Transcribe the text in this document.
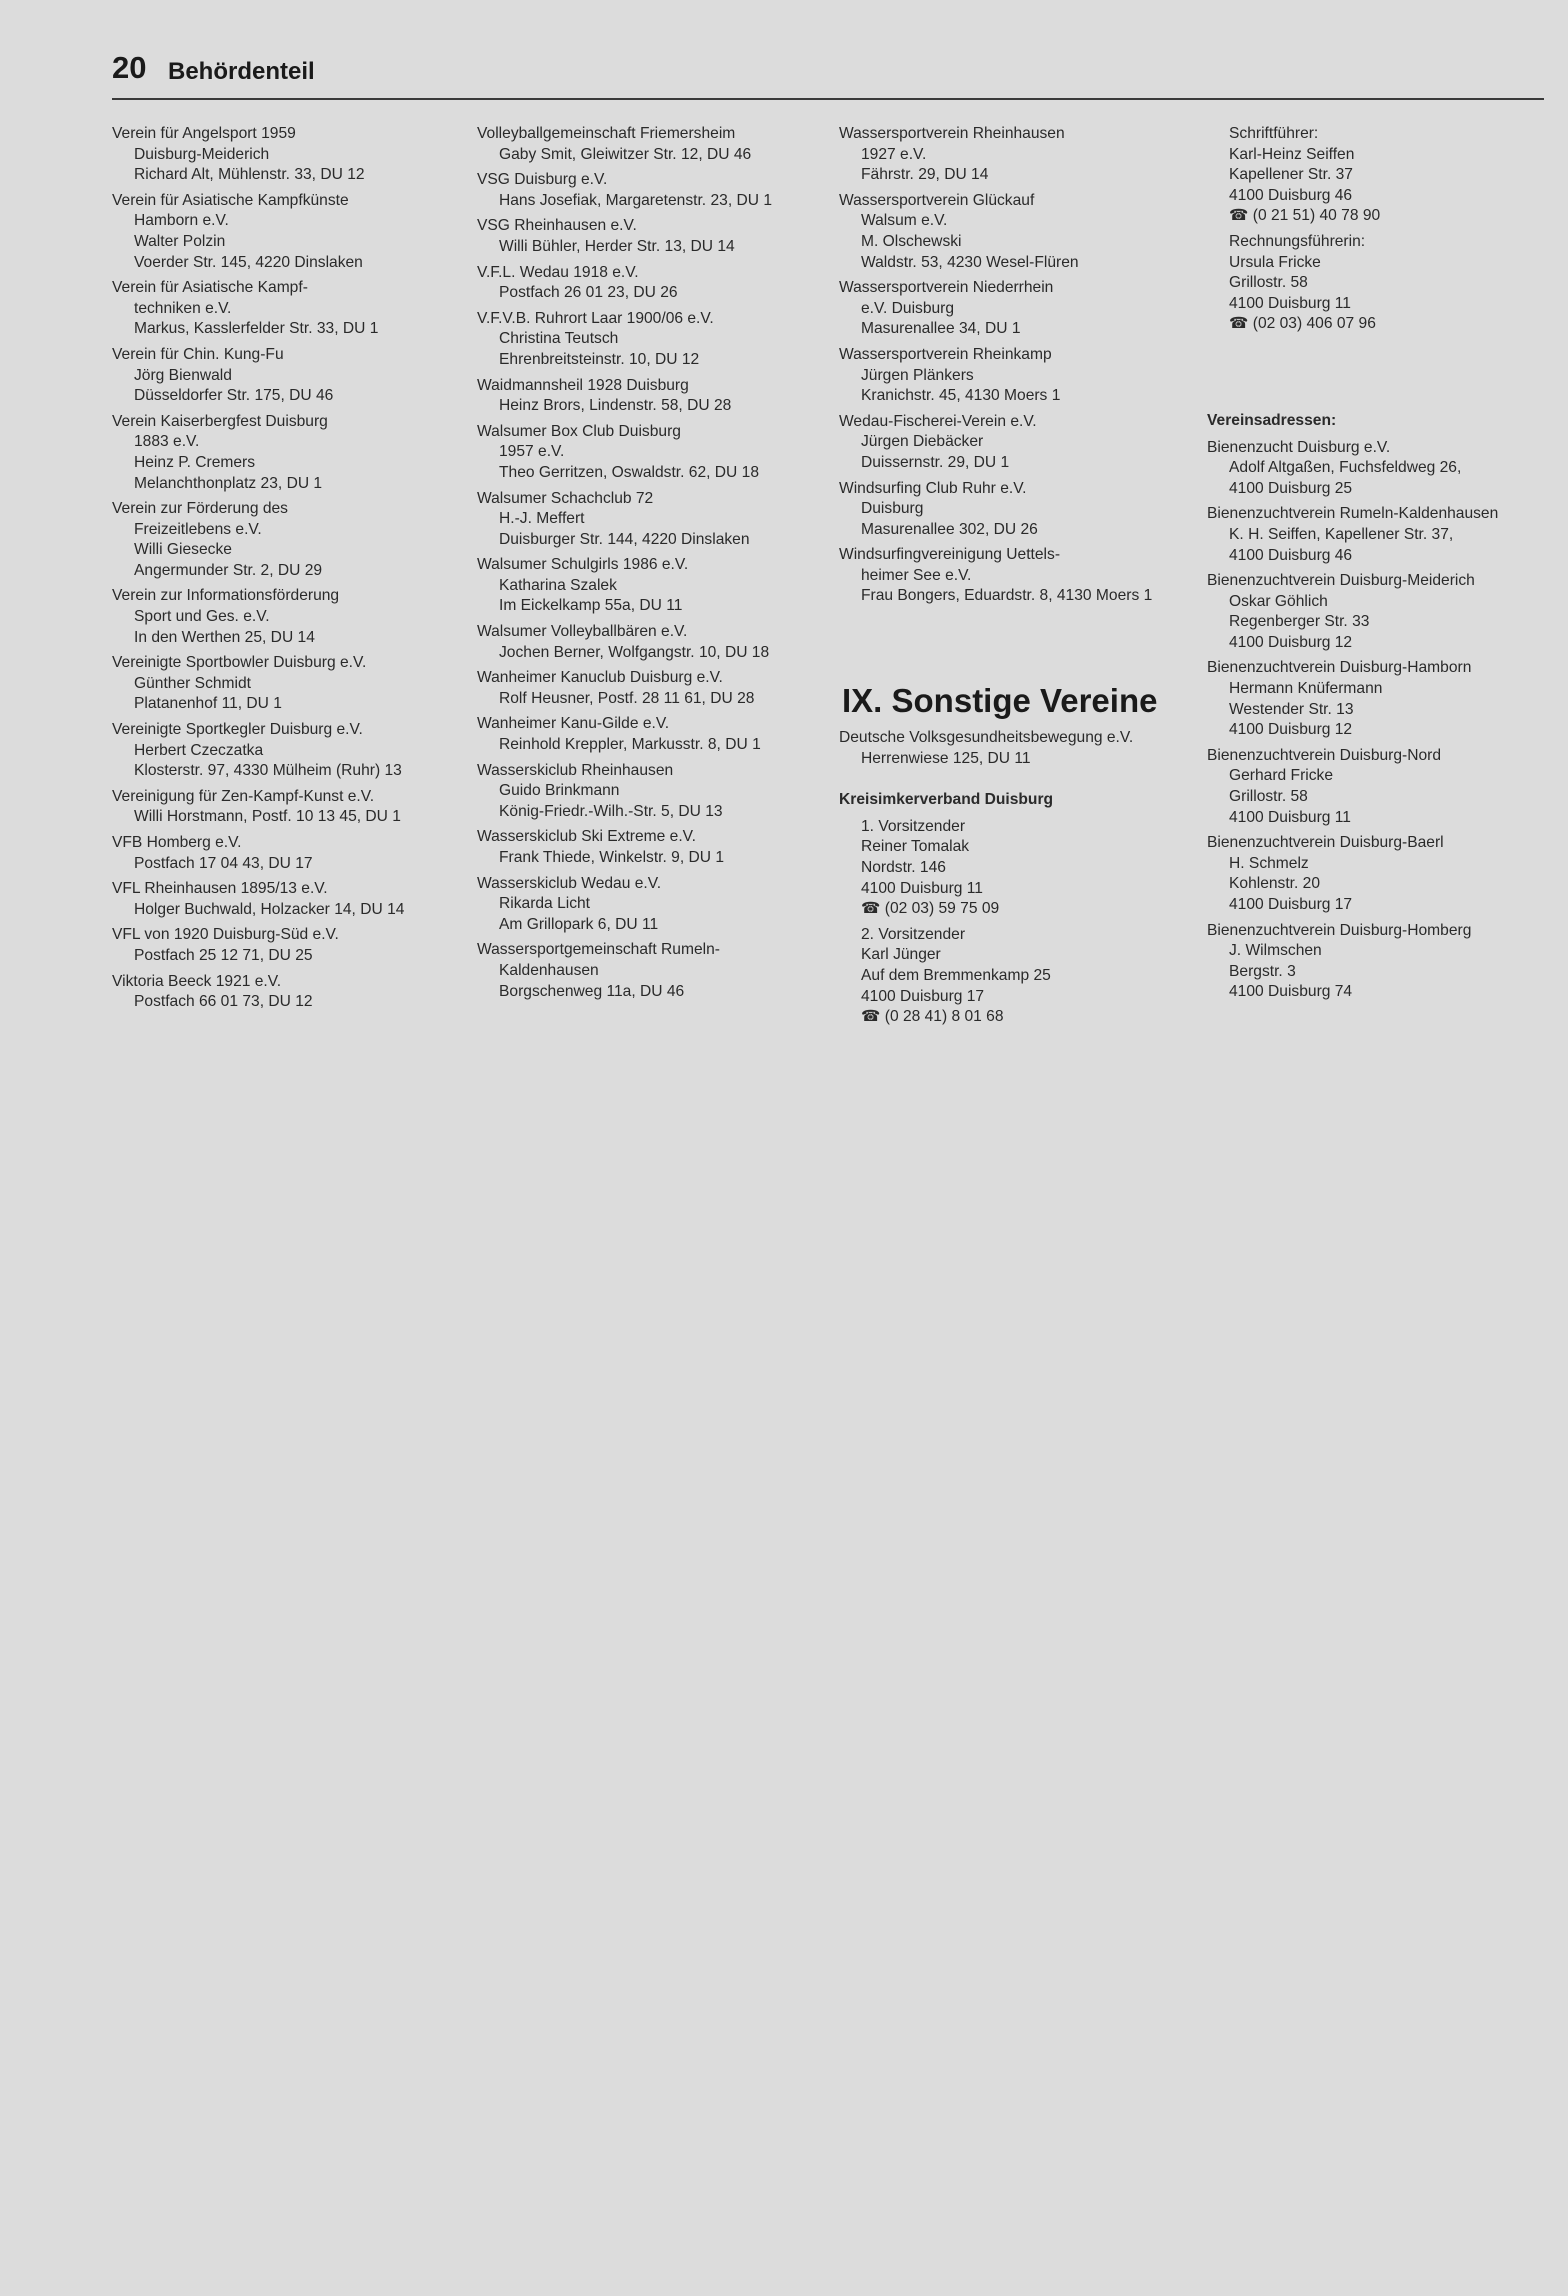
20 Behördenteil
Verein für Angelsport 1959
Duisburg-Meiderich
Richard Alt, Mühlenstr. 33, DU 12
Verein für Asiatische Kampfkünste
Hamborn e.V.
Walter Polzin
Voerder Str. 145, 4220 Dinslaken
Verein für Asiatische Kampf-
techniken e.V.
Markus, Kasslerfelder Str. 33, DU 1
Verein für Chin. Kung-Fu
Jörg Bienwald
Düsseldorfer Str. 175, DU 46
Verein Kaiserbergfest Duisburg
1883 e.V.
Heinz P. Cremers
Melanchthonplatz 23, DU 1
Verein zur Förderung des
Freizeitlebens e.V.
Willi Giesecke
Angermunder Str. 2, DU 29
Verein zur Informationsförderung
Sport und Ges. e.V.
In den Werthen 25, DU 14
Vereinigte Sportbowler Duisburg e.V.
Günther Schmidt
Platanenhof 11, DU 1
Vereinigte Sportkegler Duisburg e.V.
Herbert Czeczatka
Klosterstr. 97, 4330 Mülheim (Ruhr) 13
Vereinigung für Zen-Kampf-Kunst e.V.
Willi Horstmann, Postf. 10 13 45, DU 1
VFB Homberg e.V.
Postfach 17 04 43, DU 17
VFL Rheinhausen 1895/13 e.V.
Holger Buchwald, Holzacker 14, DU 14
VFL von 1920 Duisburg-Süd e.V.
Postfach 25 12 71, DU 25
Viktoria Beeck 1921 e.V.
Postfach 66 01 73, DU 12
Volleyballgemeinschaft Friemersheim
Gaby Smit, Gleiwitzer Str. 12, DU 46
VSG Duisburg e.V.
Hans Josefiak, Margaretenstr. 23, DU 1
VSG Rheinhausen e.V.
Willi Bühler, Herder Str. 13, DU 14
V.F.L. Wedau 1918 e.V.
Postfach 26 01 23, DU 26
V.F.V.B. Ruhrort Laar 1900/06 e.V.
Christina Teutsch
Ehrenbreitsteinstr. 10, DU 12
Waidmannsheil 1928 Duisburg
Heinz Brors, Lindenstr. 58, DU 28
Walsumer Box Club Duisburg
1957 e.V.
Theo Gerritzen, Oswaldstr. 62, DU 18
Walsumer Schachclub 72
H.-J. Meffert
Duisburger Str. 144, 4220 Dinslaken
Walsumer Schulgirls 1986 e.V.
Katharina Szalek
Im Eickelkamp 55a, DU 11
Walsumer Volleyballbären e.V.
Jochen Berner, Wolfgangstr. 10, DU 18
Wanheimer Kanuclub Duisburg e.V.
Rolf Heusner, Postf. 28 11 61, DU 28
Wanheimer Kanu-Gilde e.V.
Reinhold Kreppler, Markusstr. 8, DU 1
Wasserskiclub Rheinhausen
Guido Brinkmann
König-Friedr.-Wilh.-Str. 5, DU 13
Wasserskiclub Ski Extreme e.V.
Frank Thiede, Winkelstr. 9, DU 1
Wasserskiclub Wedau e.V.
Rikarda Licht
Am Grillopark 6, DU 11
Wassersportgemeinschaft Rumeln-
Kaldenhausen
Borgschenweg 11a, DU 46
Wassersportverein Rheinhausen
1927 e.V.
Fährstr. 29, DU 14
Wassersportverein Glückauf
Walsum e.V.
M. Olschewski
Waldstr. 53, 4230 Wesel-Flüren
Wassersportverein Niederrhein
e.V. Duisburg
Masurenallee 34, DU 1
Wassersportverein Rheinkamp
Jürgen Plänkers
Kranichstr. 45, 4130 Moers 1
Wedau-Fischerei-Verein e.V.
Jürgen Diebäcker
Duissernstr. 29, DU 1
Windsurfing Club Ruhr e.V.
Duisburg
Masurenallee 302, DU 26
Windsurfingvereinigung Uettels-
heimer See e.V.
Frau Bongers, Eduardstr. 8, 4130 Moers 1
IX. Sonstige Vereine
Deutsche Volksgesundheitsbewegung e.V.
Herrenwiese 125, DU 11
Kreisimkerverband Duisburg
1. Vorsitzender
Reiner Tomalak
Nordstr. 146
4100 Duisburg 11
☎ (02 03) 59 75 09
2. Vorsitzender
Karl Jünger
Auf dem Bremmenkamp 25
4100 Duisburg 17
☎ (0 28 41) 8 01 68
Schriftführer:
Karl-Heinz Seiffen
Kapellener Str. 37
4100 Duisburg 46
☎ (0 21 51) 40 78 90
Rechnungsführerin:
Ursula Fricke
Grillostr. 58
4100 Duisburg 11
☎ (02 03) 406 07 96
Vereinsadressen:
Bienenzucht Duisburg e.V.
Adolf Altgaßen, Fuchsfeldweg 26,
4100 Duisburg 25
Bienenzuchtverein Rumeln-Kaldenhausen
K. H. Seiffen, Kapellener Str. 37,
4100 Duisburg 46
Bienenzuchtverein Duisburg-Meiderich
Oskar Göhlich
Regenberger Str. 33
4100 Duisburg 12
Bienenzuchtverein Duisburg-Hamborn
Hermann Knüfermann
Westender Str. 13
4100 Duisburg 12
Bienenzuchtverein Duisburg-Nord
Gerhard Fricke
Grillostr. 58
4100 Duisburg 11
Bienenzuchtverein Duisburg-Baerl
H. Schmelz
Kohlenstr. 20
4100 Duisburg 17
Bienenzuchtverein Duisburg-Homberg
J. Wilmschen
Bergstr. 3
4100 Duisburg 74
